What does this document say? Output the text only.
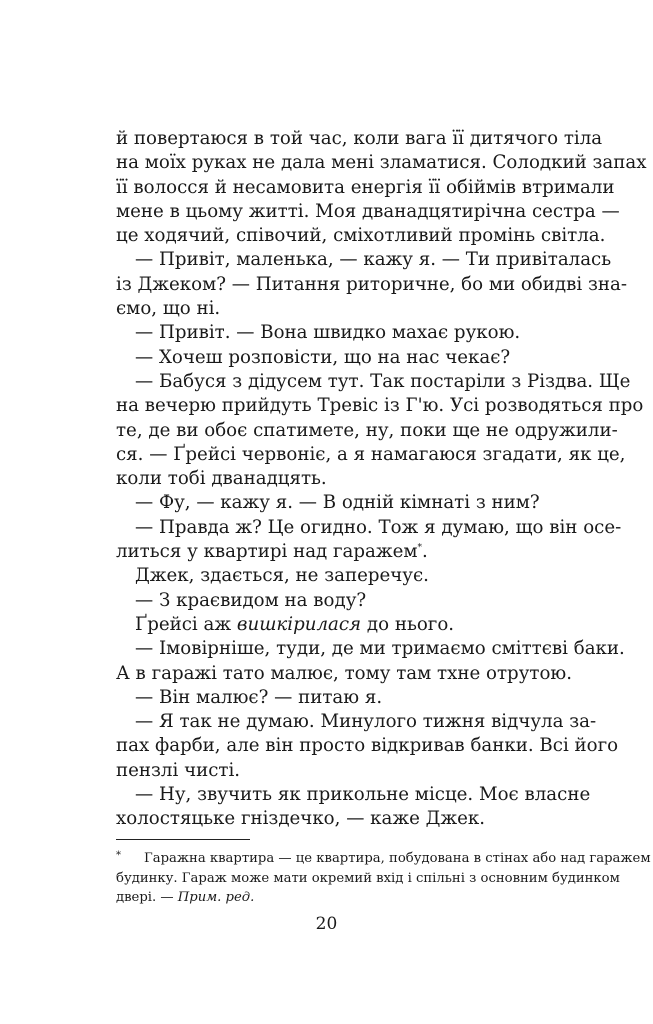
й повертаюся в той час, коли вага її дитячого тіла
на моїх руках не дала мені зламатися. Солодкий запах
її волосся й несамовита енергія її обіймів втримали
мене в цьому житті. Моя дванадцятирічна сестра —
це ходячий, співочий, сміхотливий промінь світла.
— Привіт, маленька, — кажу я. — Ти привіталась
із Джеком? — Питання риторичне, бо ми обидві зна-
ємо, що ні.
— Привіт. — Вона швидко махає рукою.
— Хочеш розповісти, що на нас чекає?
— Бабуся з дідусем тут. Так постаріли з Різдва. Ще
на вечерю прийдуть Тревіс із Г'ю. Усі розводяться про
те, де ви обоє спатимете, ну, поки ще не одружили-
ся. — Ґрейсі червоніє, а я намагаюся згадати, як це,
коли тобі дванадцять.
— Фу, — кажу я. — В одній кімнаті з ним?
— Правда ж? Це огидно. Тож я думаю, що він осе-
литься у квартирі над гаражем*.
Джек, здається, не заперечує.
— З краєвидом на воду?
Ґрейсі аж вишкірилася до нього.
— Імовірніше, туди, де ми тримаємо сміттєві баки.
А в гаражі тато малює, тому там тхне отрутою.
— Він малює? — питаю я.
— Я так не думаю. Минулого тижня відчула за-
пах фарби, але він просто відкривав банки. Всі його
пензлі чисті.
— Ну, звучить як прикольне місце. Моє власне
холостяцьке гніздечко, — каже Джек.
*	Гаражна квартира — це квартира, побудована в стінах або над гаражем
будинку. Гараж може мати окремий вхід і спільні з основним будинком
двері. — Прим. ред.
20
